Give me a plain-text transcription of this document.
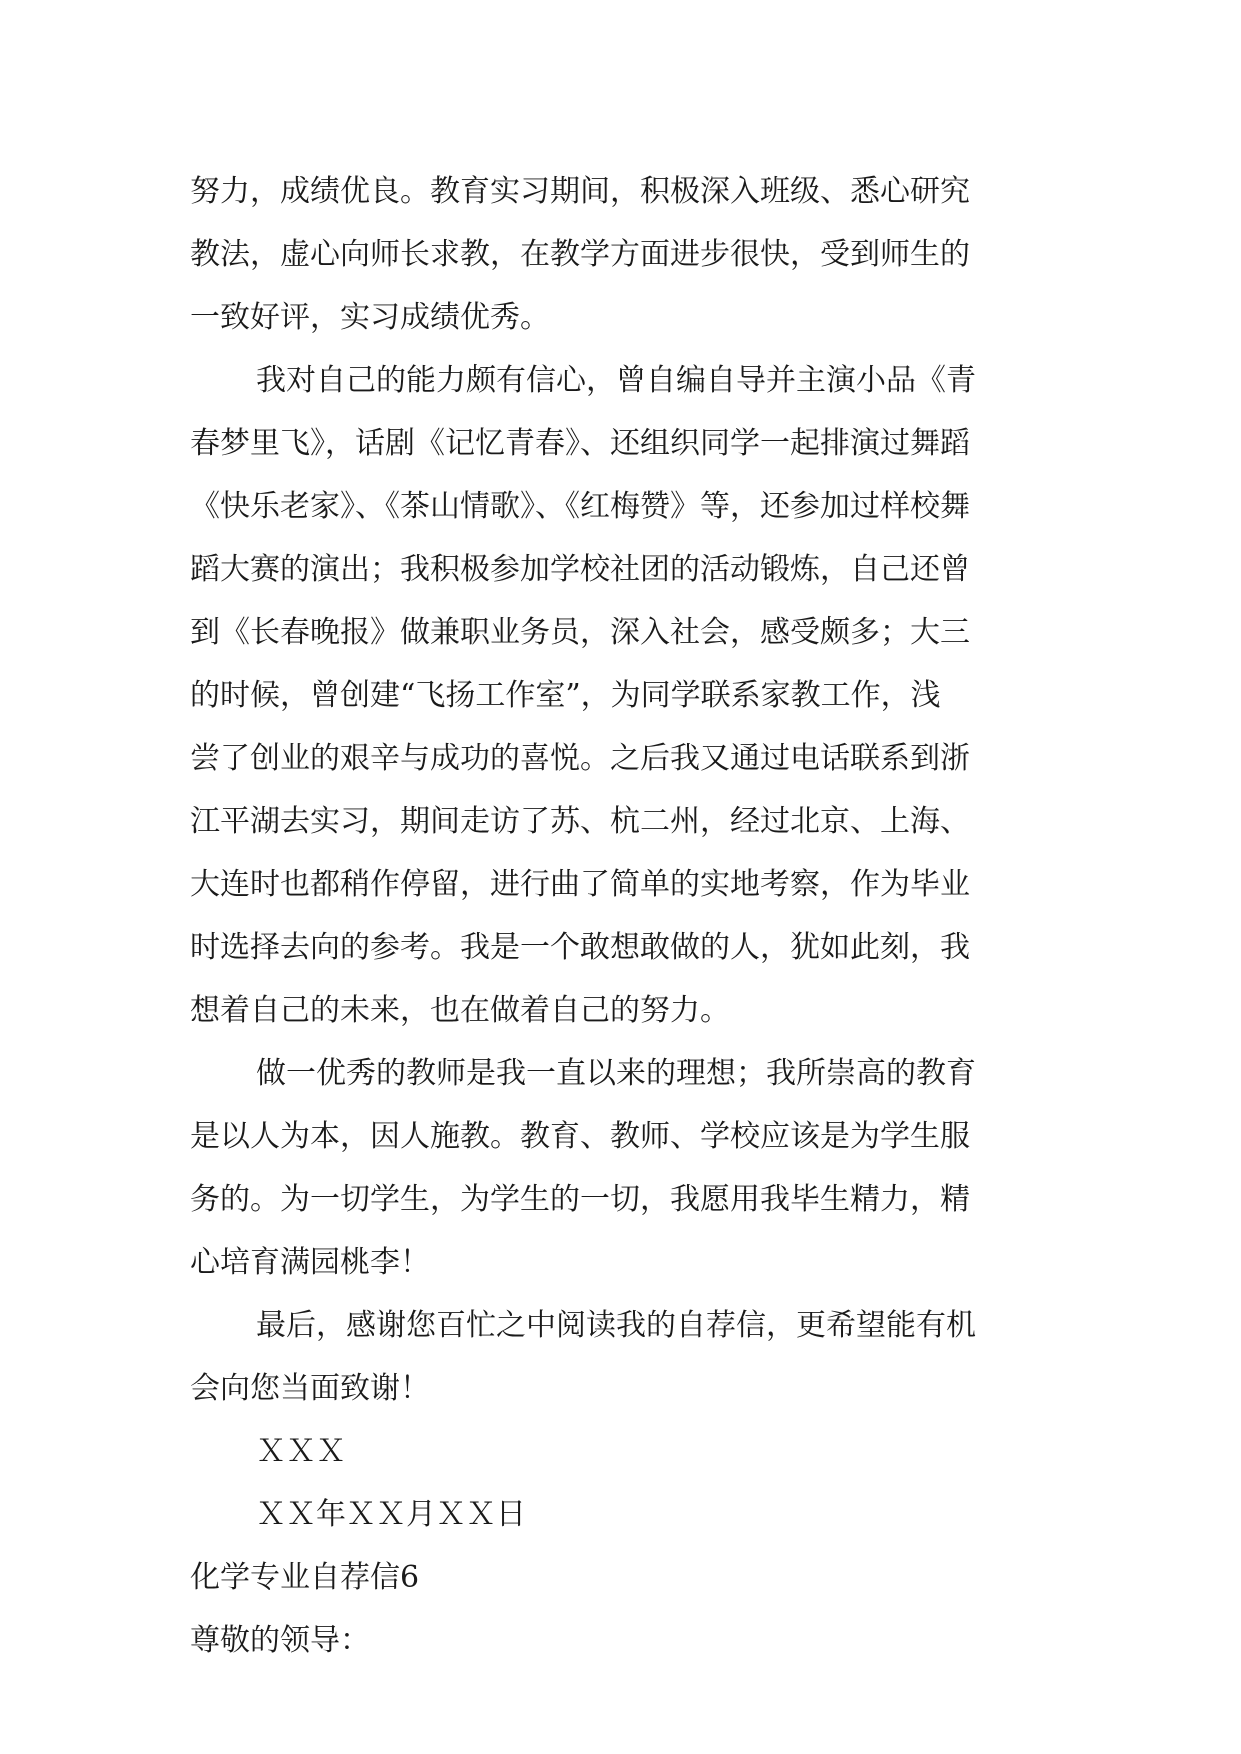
努力，成绩优良。教育实习期间，积极深入班级、悉心研究
教法，虚心向师长求教，在教学方面进步很快，受到师生的
一致好评，实习成绩优秀。
我对自己的能力颇有信心，曾自编自导并主演小品《青
春梦里飞》，话剧《记忆青春》、还组织同学一起排演过舞蹈
《快乐老家》、《茶山情歌》、《红梅赞》等，还参加过样校舞
蹈大赛的演出；我积极参加学校社团的活动锻炼，自己还曾
到《长春晚报》做兼职业务员，深入社会，感受颇多；大三
的时候，曾创建“飞扬工作室”，为同学联系家教工作，浅
尝了创业的艰辛与成功的喜悦。之后我又通过电话联系到浙
江平湖去实习，期间走访了苏、杭二州，经过北京、上海、
大连时也都稍作停留，进行曲了简单的实地考察，作为毕业
时选择去向的参考。我是一个敢想敢做的人，犹如此刻，我
想着自己的未来，也在做着自己的努力。
做一优秀的教师是我一直以来的理想；我所崇高的教育
是以人为本，因人施教。教育、教师、学校应该是为学生服
务的。为一切学生，为学生的一切，我愿用我毕生精力，精
心培育满园桃李！
最后，感谢您百忙之中阅读我的自荐信，更希望能有机
会向您当面致谢！
ＸＸＸ
ＸＸ年ＸＸ月ＸＸ日
化学专业自荐信6
尊敬的领导：
